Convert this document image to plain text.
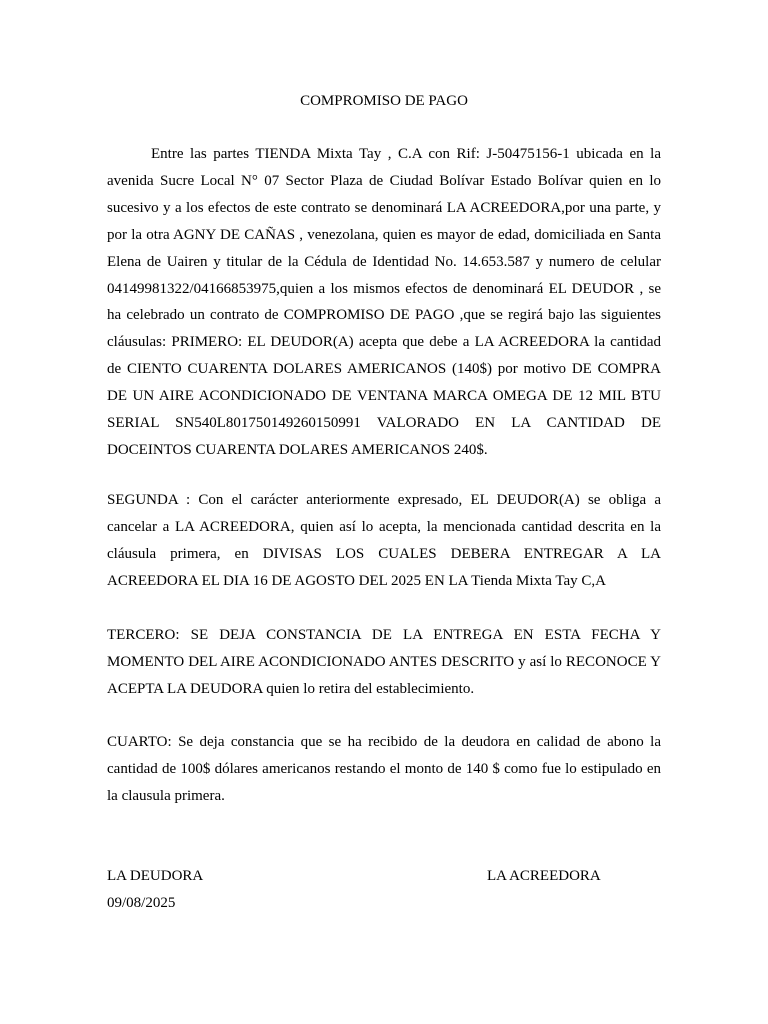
COMPROMISO DE PAGO

Entre las partes TIENDA Mixta Tay , C.A con Rif: J-50475156-1 ubicada en la avenida Sucre Local N° 07 Sector Plaza de Ciudad Bolívar Estado Bolívar quien en lo sucesivo y a los efectos de este contrato se denominará LA ACREEDORA,por una parte, y por la otra AGNY DE CAÑAS , venezolana, quien es mayor de edad, domiciliada en Santa Elena de Uairen y titular de la Cédula de Identidad No. 14.653.587 y numero de celular 04149981322/04166853975,quien a los mismos efectos de denominará EL DEUDOR , se ha celebrado un contrato de COMPROMISO DE PAGO ,que se regirá bajo las siguientes cláusulas: PRIMERO: EL DEUDOR(A) acepta que debe a LA ACREEDORA la cantidad de CIENTO CUARENTA DOLARES AMERICANOS (140$) por motivo DE COMPRA DE UN AIRE ACONDICIONADO DE VENTANA MARCA OMEGA DE 12 MIL BTU SERIAL SN540L801750149260150991 VALORADO EN LA CANTIDAD DE DOCEINTOS CUARENTA DOLARES AMERICANOS 240$.

SEGUNDA : Con el carácter anteriormente expresado, EL DEUDOR(A) se obliga a cancelar a LA ACREEDORA, quien así lo acepta, la mencionada cantidad descrita en la cláusula primera, en DIVISAS LOS CUALES DEBERA ENTREGAR A LA ACREEDORA EL DIA 16 DE AGOSTO DEL 2025 EN LA Tienda Mixta Tay C,A

TERCERO: SE DEJA CONSTANCIA DE LA ENTREGA EN ESTA FECHA Y MOMENTO DEL AIRE ACONDICIONADO ANTES DESCRITO y así lo RECONOCE Y ACEPTA LA DEUDORA quien lo retira del establecimiento.

CUARTO: Se deja constancia que se ha recibido de la deudora en calidad de abono la cantidad de 100$ dólares americanos restando el monto de 140 $ como fue lo estipulado en la clausula primera.

LA DEUDORA	LA ACREEDORA
09/08/2025
